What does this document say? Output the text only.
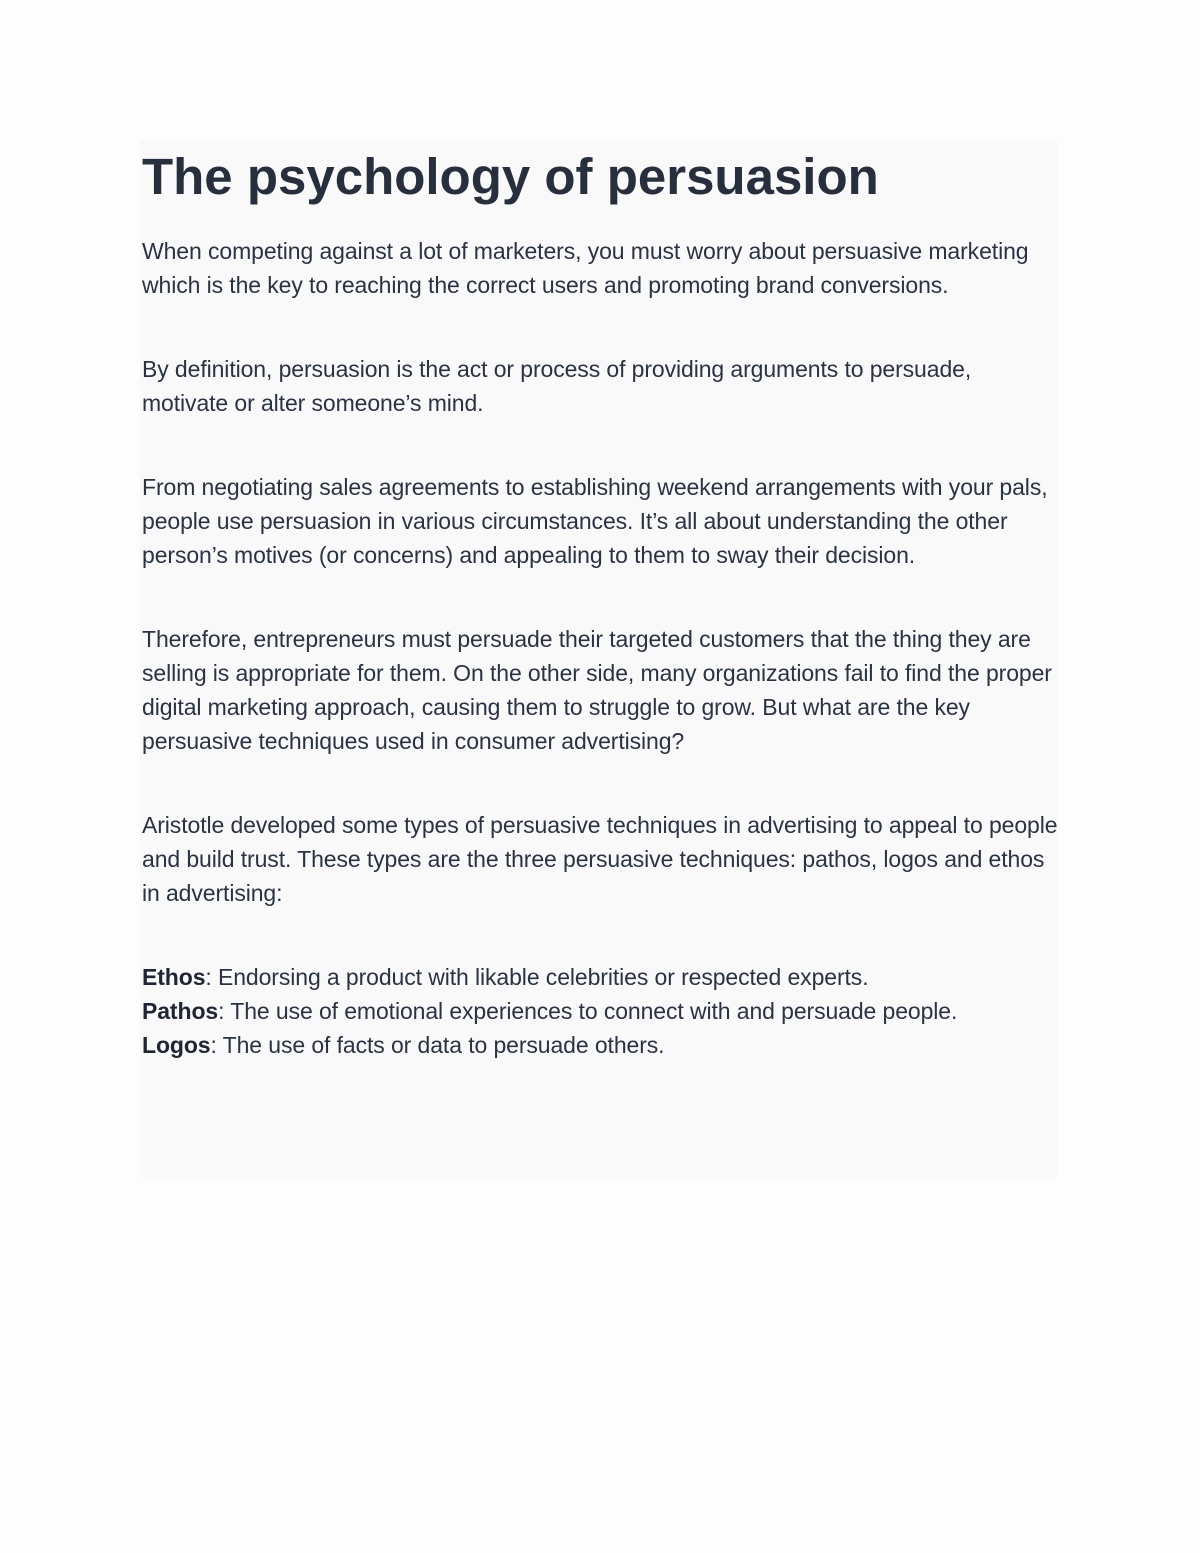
The psychology of persuasion

When competing against a lot of marketers, you must worry about persuasive marketing which is the key to reaching the correct users and promoting brand conversions.

By definition, persuasion is the act or process of providing arguments to persuade, motivate or alter someone’s mind.

From negotiating sales agreements to establishing weekend arrangements with your pals, people use persuasion in various circumstances. It’s all about understanding the other person’s motives (or concerns) and appealing to them to sway their decision.

Therefore, entrepreneurs must persuade their targeted customers that the thing they are selling is appropriate for them. On the other side, many organizations fail to find the proper digital marketing approach, causing them to struggle to grow. But what are the key persuasive techniques used in consumer advertising?

Aristotle developed some types of persuasive techniques in advertising to appeal to people and build trust. These types are the three persuasive techniques: pathos, logos and ethos in advertising:

Ethos: Endorsing a product with likable celebrities or respected experts.

Pathos: The use of emotional experiences to connect with and persuade people.

Logos: The use of facts or data to persuade others.
